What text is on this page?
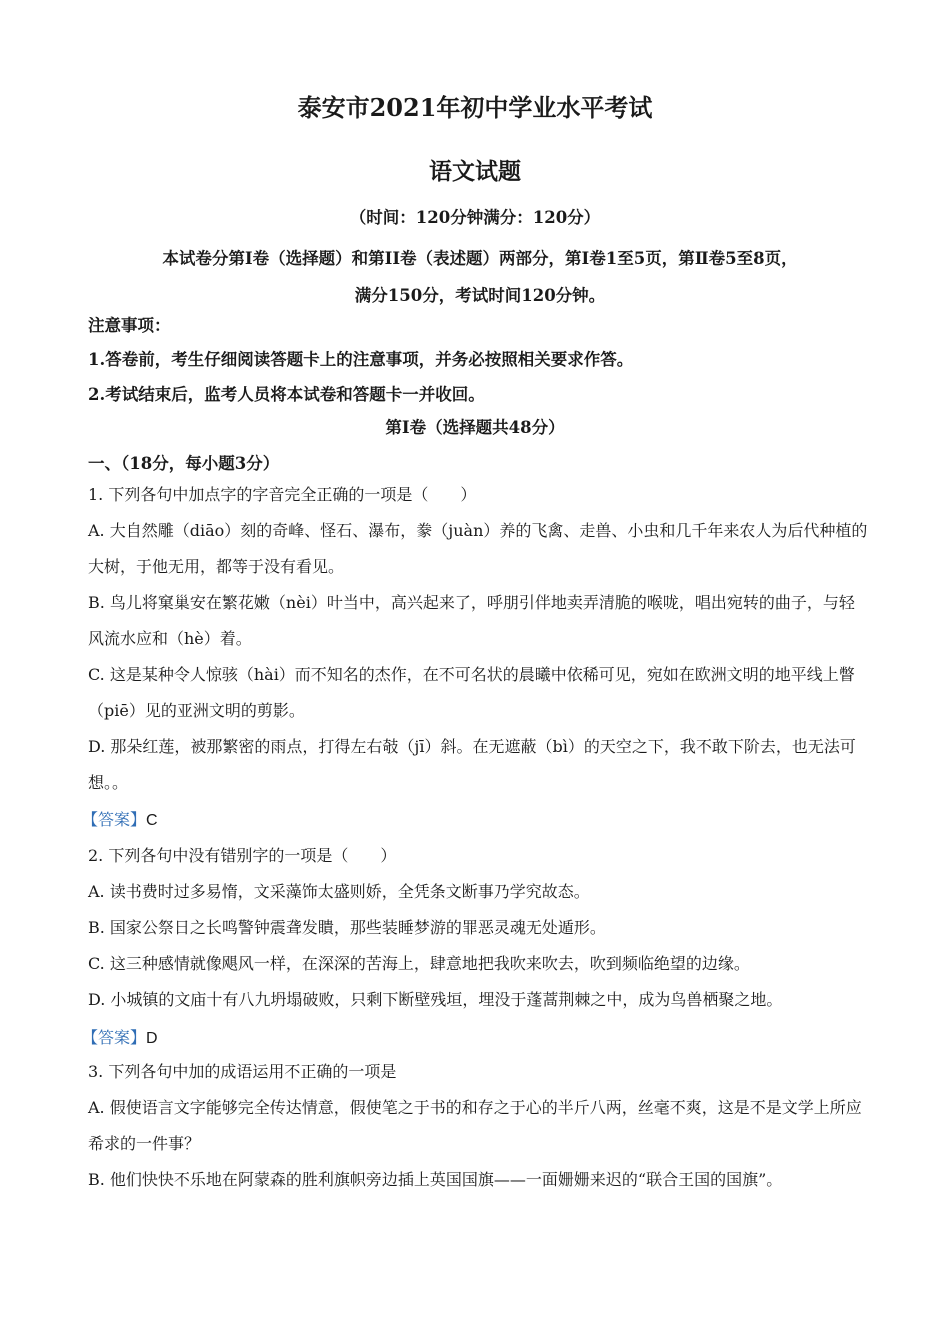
泰安市2021年初中学业水平考试
语文试题
（时间：120分钟满分：120分）
本试卷分第Ⅰ卷（选择题）和第II卷（表述题）两部分，第Ⅰ卷1至5页，第Ⅱ卷5至8页，
满分150分，考试时间120分钟。
注意事项：
1.答卷前，考生仔细阅读答题卡上的注意事项，并务必按照相关要求作答。
2.考试结束后，监考人员将本试卷和答题卡一并收回。
第Ⅰ卷（选择题共48分）
一、（18分，每小题3分）

1. 下列各句中加点字的字音完全正确的一项是（　　）

A. 大自然雕（diāo）刻的奇峰、怪石、瀑布，豢（juàn）养的飞禽、走兽、小虫和几千年来农人为后代种植的大树，于他无用，都等于没有看见。

B. 鸟儿将窠巢安在繁花嫩（nèi）叶当中，高兴起来了，呼朋引伴地卖弄清脆的喉咙，唱出宛转的曲子，与轻风流水应和（hè）着。

C. 这是某种令人惊骇（hài）而不知名的杰作，在不可名状的晨曦中依稀可见，宛如在欧洲文明的地平线上瞥（piē）见的亚洲文明的剪影。

D. 那朵红莲，被那繁密的雨点，打得左右攲（jī）斜。在无遮蔽（bì）的天空之下，我不敢下阶去，也无法可想。。

【答案】C

2. 下列各句中没有错别字的一项是（　　）

A. 读书费时过多易惰，文采藻饰太盛则娇，全凭条文断事乃学究故态。

B. 国家公祭日之长鸣警钟震聋发瞶，那些装睡梦游的罪恶灵魂无处遁形。

C. 这三种感情就像飓风一样，在深深的苦海上，肆意地把我吹来吹去，吹到频临绝望的边缘。

D. 小城镇的文庙十有八九坍塌破败，只剩下断壁残垣，埋没于蓬蒿荆棘之中，成为鸟兽栖聚之地。

【答案】D

3. 下列各句中加的成语运用不正确的一项是

A. 假使语言文字能够完全传达情意，假使笔之于书的和存之于心的半斤八两，丝毫不爽，这是不是文学上所应希求的一件事？

B. 他们快快不乐地在阿蒙森的胜利旗帜旁边插上英国国旗——一面姗姗来迟的“联合王国的国旗”。
